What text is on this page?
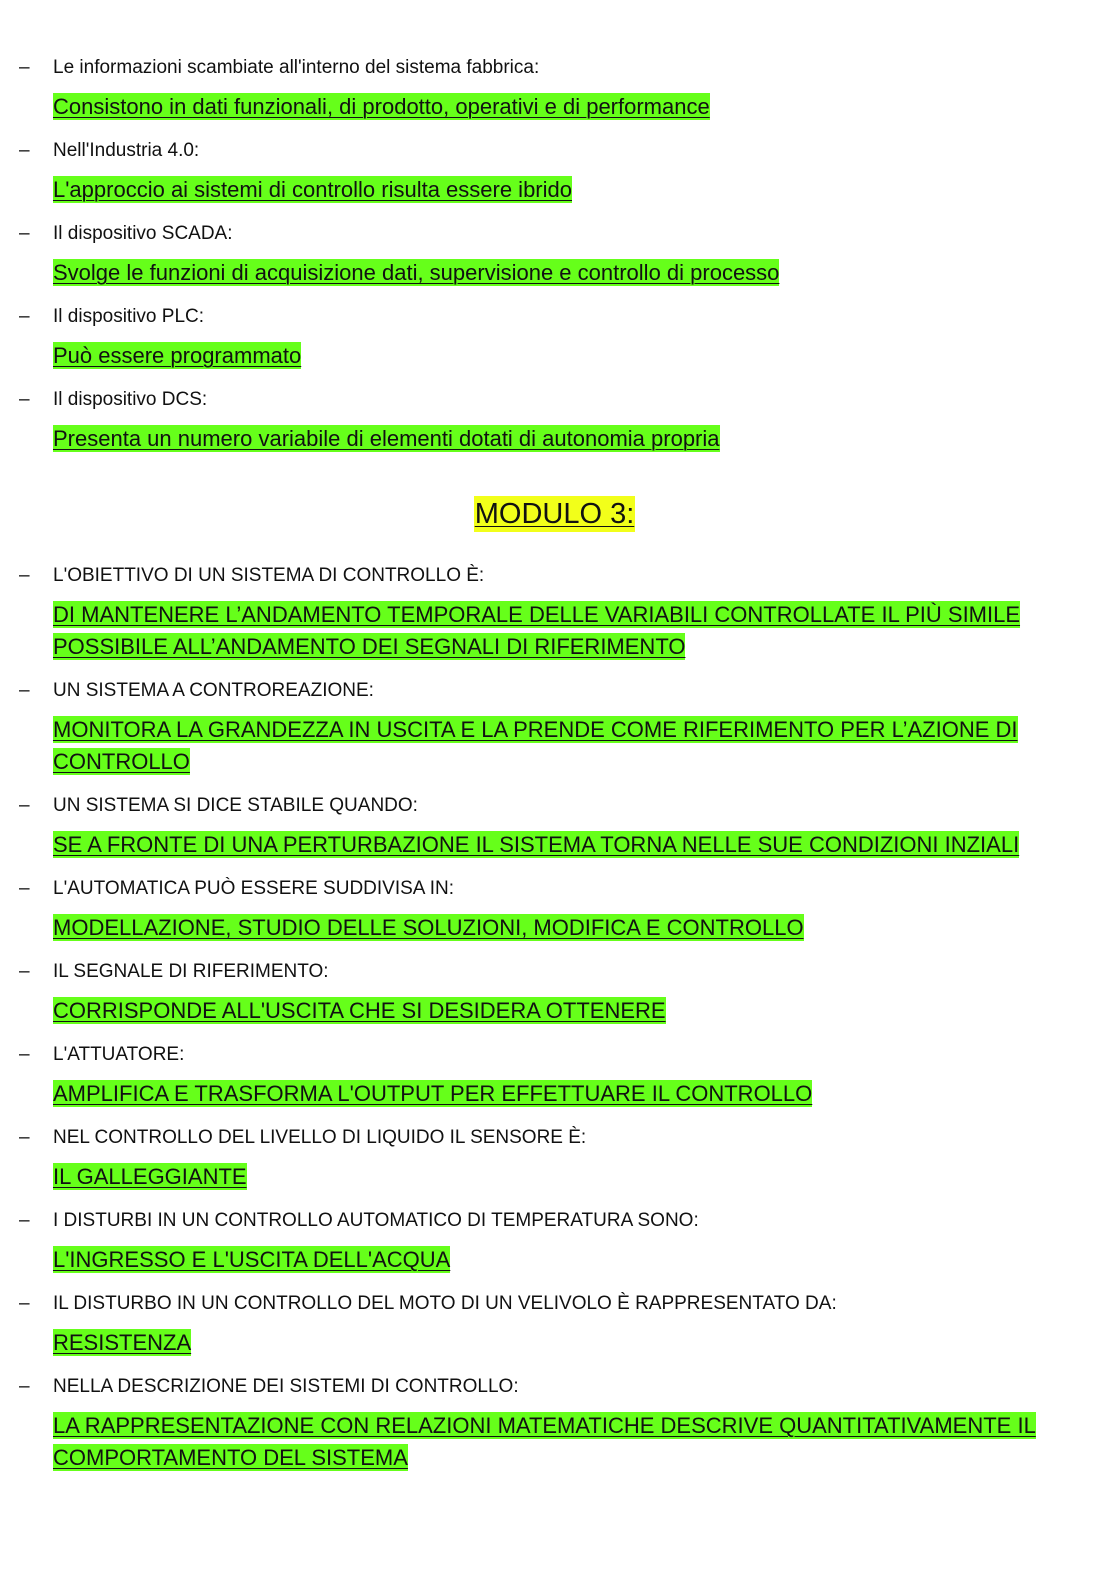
– Le informazioni scambiate all'interno del sistema fabbrica:
Consistono in dati funzionali, di prodotto, operativi e di performance
– Nell'Industria 4.0:
L'approccio ai sistemi di controllo risulta essere ibrido
– Il dispositivo SCADA:
Svolge le funzioni di acquisizione dati, supervisione e controllo di processo
– Il dispositivo PLC:
Può essere programmato
– Il dispositivo DCS:
Presenta un numero variabile di elementi dotati di autonomia propria
MODULO 3:
– L'OBIETTIVO DI UN SISTEMA DI CONTROLLO È:
DI MANTENERE L’ANDAMENTO TEMPORALE DELLE VARIABILI CONTROLLATE IL PIÙ SIMILE POSSIBILE ALL’ANDAMENTO DEI SEGNALI DI RIFERIMENTO
– UN SISTEMA A CONTROREAZIONE:
MONITORA LA GRANDEZZA IN USCITA E LA PRENDE COME RIFERIMENTO PER L’AZIONE DI CONTROLLO
– UN SISTEMA SI DICE STABILE QUANDO:
SE A FRONTE DI UNA PERTURBAZIONE IL SISTEMA TORNA NELLE SUE CONDIZIONI INZIALI
– L'AUTOMATICA PUÒ ESSERE SUDDIVISA IN:
MODELLAZIONE, STUDIO DELLE SOLUZIONI, MODIFICA E CONTROLLO
– IL SEGNALE DI RIFERIMENTO:
CORRISPONDE ALL'USCITA CHE SI DESIDERA OTTENERE
– L'ATTUATORE:
AMPLIFICA E TRASFORMA L'OUTPUT PER EFFETTUARE IL CONTROLLO
– NEL CONTROLLO DEL LIVELLO DI LIQUIDO IL SENSORE È:
IL GALLEGGIANTE
– I DISTURBI IN UN CONTROLLO AUTOMATICO DI TEMPERATURA SONO:
L'INGRESSO E L'USCITA DELL'ACQUA
– IL DISTURBO IN UN CONTROLLO DEL MOTO DI UN VELIVOLO È RAPPRESENTATO DA:
RESISTENZA
– NELLA DESCRIZIONE DEI SISTEMI DI CONTROLLO:
LA RAPPRESENTAZIONE CON RELAZIONI MATEMATICHE DESCRIVE QUANTITATIVAMENTE IL COMPORTAMENTO DEL SISTEMA
